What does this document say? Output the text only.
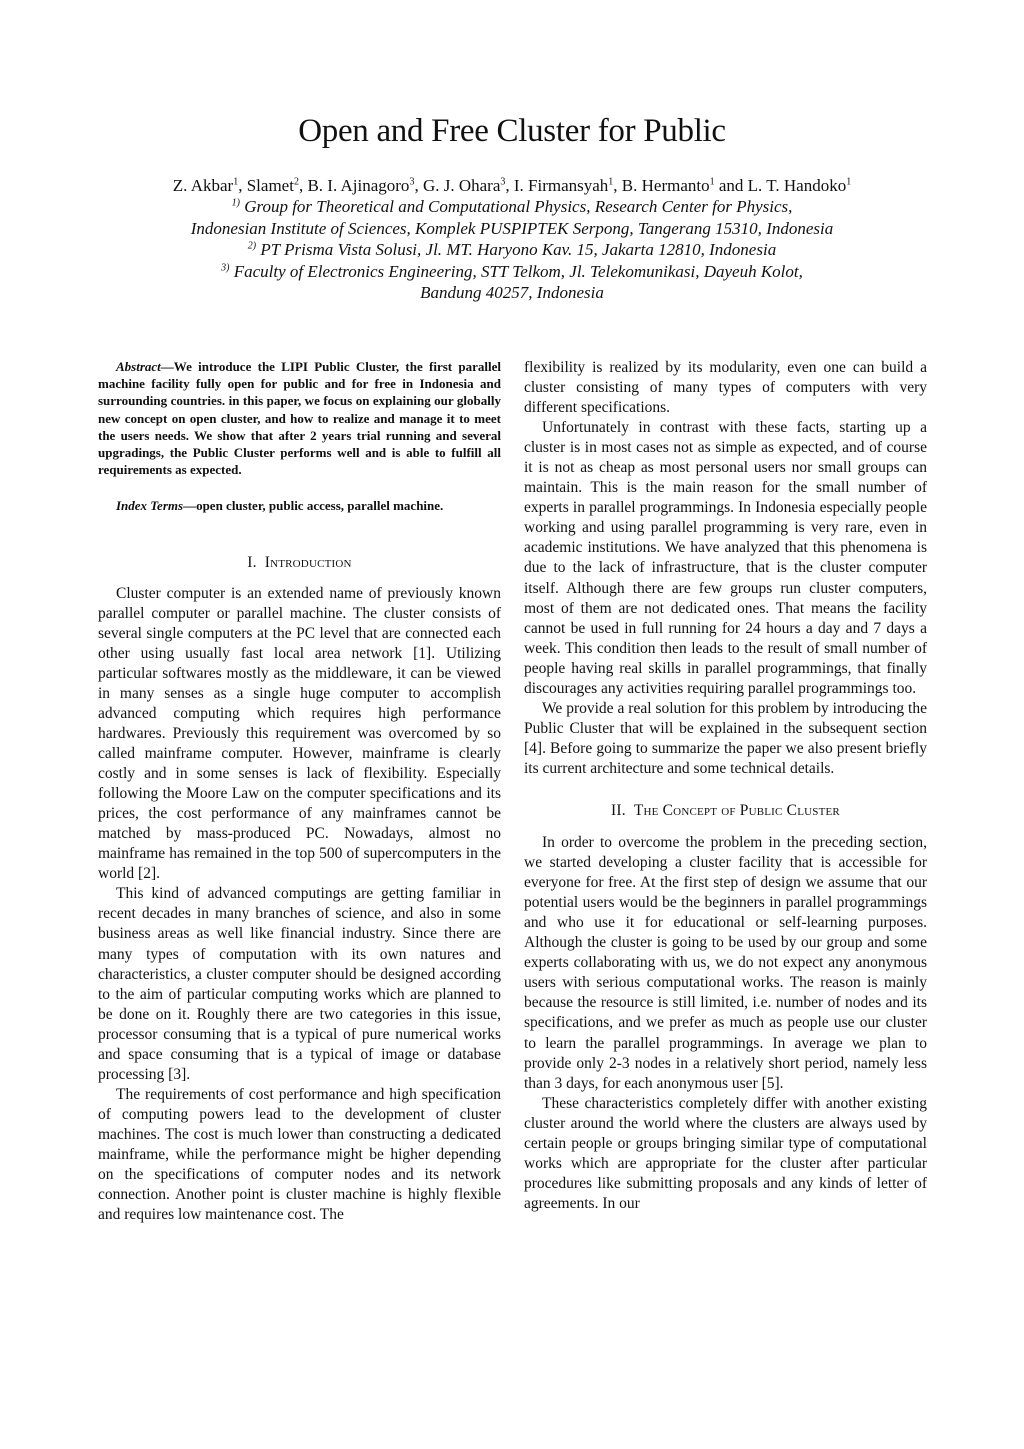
Open and Free Cluster for Public
Z. Akbar$^1$, Slamet$^2$, B. I. Ajinagoro$^3$, G. J. Ohara$^3$, I. Firmansyah$^1$, B. Hermanto$^1$ and L. T. Handoko$^1$
$^{1)}$ Group for Theoretical and Computational Physics, Research Center for Physics,
Indonesian Institute of Sciences, Komplek PUSPIPTEK Serpong, Tangerang 15310, Indonesia
$^{2)}$ PT Prisma Vista Solusi, Jl. MT. Haryono Kav. 15, Jakarta 12810, Indonesia
$^{3)}$ Faculty of Electronics Engineering, STT Telkom, Jl. Telekomunikasi, Dayeuh Kolot,
Bandung 40257, Indonesia

Abstract—We introduce the LIPI Public Cluster, the first parallel machine facility fully open for public and for free in Indonesia and surrounding countries. in this paper, we focus on explaining our globally new concept on open cluster, and how to realize and manage it to meet the users needs. We show that after 2 years trial running and several upgradings, the Public Cluster performs well and is able to fulfill all requirements as expected.

Index Terms—open cluster, public access, parallel machine.

I. Introduction

Cluster computer is an extended name of previously known parallel computer or parallel machine. The cluster consists of several single computers at the PC level that are connected each other using usually fast local area network [1]. Utilizing particular softwares mostly as the middleware, it can be viewed in many senses as a single huge computer to accomplish advanced computing which requires high performance hardwares. Previously this requirement was overcomed by so called mainframe computer. However, mainframe is clearly costly and in some senses is lack of flexibility. Especially following the Moore Law on the computer specifications and its prices, the cost performance of any mainframes cannot be matched by mass-produced PC. Nowadays, almost no mainframe has remained in the top 500 of supercomputers in the world [2].

This kind of advanced computings are getting familiar in recent decades in many branches of science, and also in some business areas as well like financial industry. Since there are many types of computation with its own natures and characteristics, a cluster computer should be designed according to the aim of particular computing works which are planned to be done on it. Roughly there are two categories in this issue, processor consuming that is a typical of pure numerical works and space consuming that is a typical of image or database processing [3].

The requirements of cost performance and high specification of computing powers lead to the development of cluster machines. The cost is much lower than constructing a dedicated mainframe, while the performance might be higher depending on the specifications of computer nodes and its network connection. Another point is cluster machine is highly flexible and requires low maintenance cost. The

flexibility is realized by its modularity, even one can build a cluster consisting of many types of computers with very different specifications.

Unfortunately in contrast with these facts, starting up a cluster is in most cases not as simple as expected, and of course it is not as cheap as most personal users nor small groups can maintain. This is the main reason for the small number of experts in parallel programmings. In Indonesia especially people working and using parallel programming is very rare, even in academic institutions. We have analyzed that this phenomena is due to the lack of infrastructure, that is the cluster computer itself. Although there are few groups run cluster computers, most of them are not dedicated ones. That means the facility cannot be used in full running for 24 hours a day and 7 days a week. This condition then leads to the result of small number of people having real skills in parallel programmings, that finally discourages any activities requiring parallel programmings too.

We provide a real solution for this problem by introducing the Public Cluster that will be explained in the subsequent section [4]. Before going to summarize the paper we also present briefly its current architecture and some technical details.

II. The Concept of Public Cluster

In order to overcome the problem in the preceding section, we started developing a cluster facility that is accessible for everyone for free. At the first step of design we assume that our potential users would be the beginners in parallel programmings and who use it for educational or self-learning purposes. Although the cluster is going to be used by our group and some experts collaborating with us, we do not expect any anonymous users with serious computational works. The reason is mainly because the resource is still limited, i.e. number of nodes and its specifications, and we prefer as much as people use our cluster to learn the parallel programmings. In average we plan to provide only 2-3 nodes in a relatively short period, namely less than 3 days, for each anonymous user [5].

These characteristics completely differ with another existing cluster around the world where the clusters are always used by certain people or groups bringing similar type of computational works which are appropriate for the cluster after particular procedures like submitting proposals and any kinds of letter of agreements. In our
